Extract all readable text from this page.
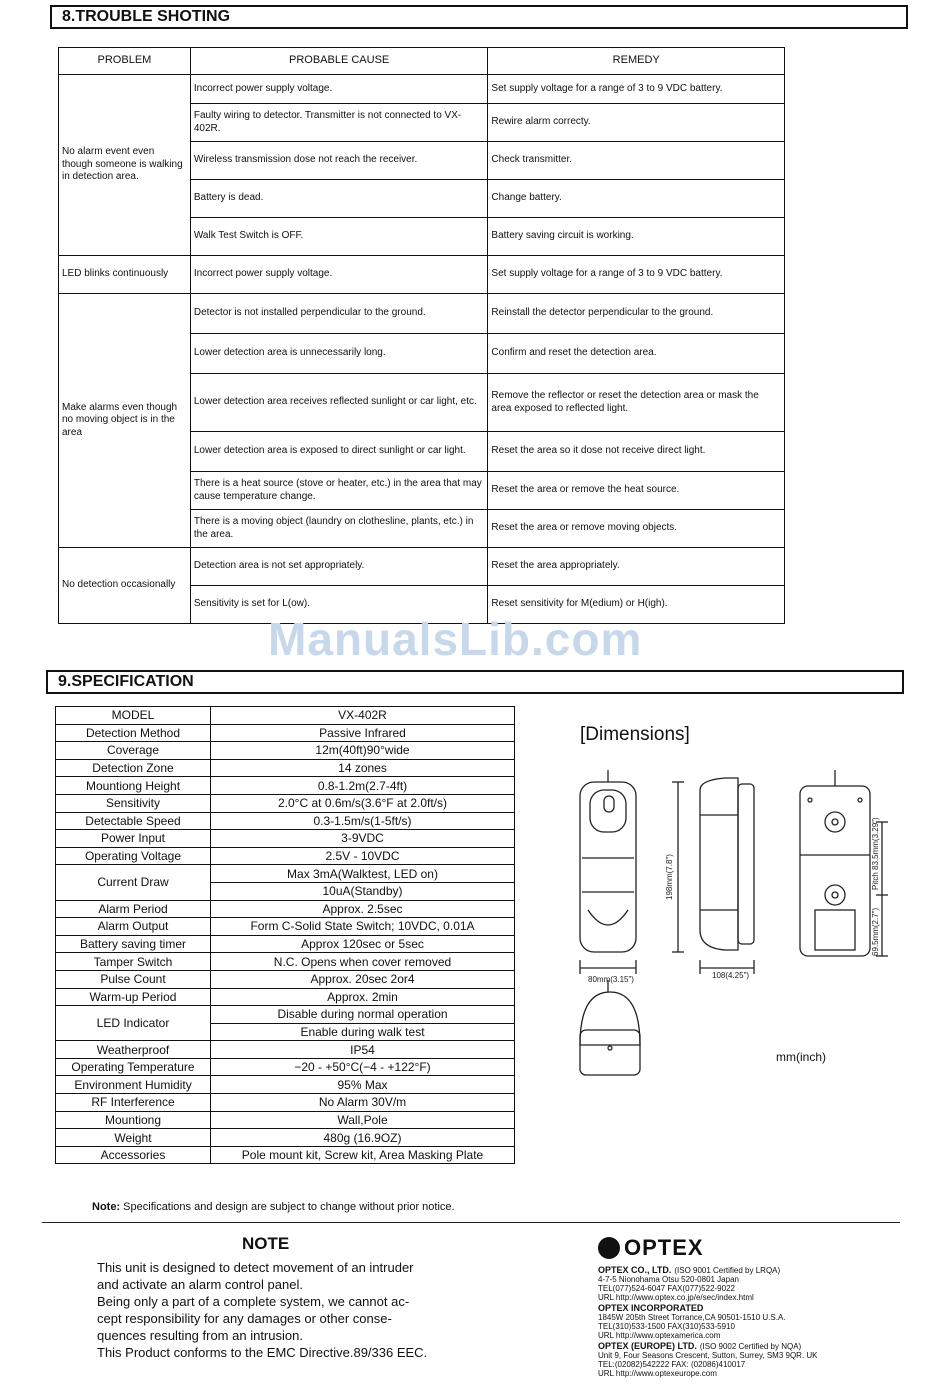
8.TROUBLE SHOTING
PROBLEM	PROBABLE CAUSE	REMEDY
No alarm event even though someone is walking in detection area.	Incorrect power supply voltage.	Set supply voltage for a range of 3 to 9 VDC battery.
	Faulty wiring to detector. Transmitter is not connected to VX-402R.	Rewire alarm correcty.
	Wireless transmission dose not reach the receiver.	Check transmitter.
	Battery is dead.	Change battery.
	Walk Test Switch is OFF.	Battery saving circuit is working.
LED blinks continuously	Incorrect power supply voltage.	Set supply voltage for a range of 3 to 9 VDC battery.
Make alarms even though no moving object is in the area	Detector is not installed perpendicular to the ground.	Reinstall the detector perpendicular to the ground.
	Lower detection area is unnecessarily long.	Confirm and reset the detection area.
	Lower detection area receives reflected sunlight or car light, etc.	Remove the reflector or reset the detection area or mask the area exposed to reflected light.
	Lower detection area is exposed to direct sunlight or car light.	Reset the area so it dose not receive direct light.
	There is a heat source (stove or heater, etc.) in the area that may cause temperature change.	Reset the area or remove the heat source.
	There is a moving object (laundry on clothesline, plants, etc.) in the area.	Reset the area or remove moving objects.
No detection occasionally	Detection area is not set appropriately.	Reset the area appropriately.
	Sensitivity is set for L(ow).	Reset sensitivity for M(edium) or H(igh).
ManualsLib.com
9.SPECIFICATION
MODEL	VX-402R
Detection Method	Passive Infrared
Coverage	12m(40ft)90°wide
Detection Zone	14 zones
Mountiong Height	0.8-1.2m(2.7-4ft)
Sensitivity	2.0°C at 0.6m/s(3.6°F at 2.0ft/s)
Detectable Speed	0.3-1.5m/s(1-5ft/s)
Power Input	3-9VDC
Operating Voltage	2.5V - 10VDC
Current Draw	Max 3mA(Walktest, LED on)
	10uA(Standby)
Alarm Period	Approx. 2.5sec
Alarm Output	Form C-Solid State Switch; 10VDC, 0.01A
Battery saving timer	Approx 120sec or 5sec
Tamper Switch	N.C. Opens when cover removed
Pulse Count	Approx. 20sec 2or4
Warm-up Period	Approx. 2min
LED Indicator	Disable during normal operation
	Enable during walk test
Weatherproof	IP54
Operating Temperature	−20 - +50°C(−4 - +122°F)
Environment Humidity	95% Max
RF Interference	No Alarm 30V/m
Mountiong	Wall,Pole
Weight	480g (16.9OZ)
Accessories	Pole mount kit, Screw kit, Area Masking Plate
Note: Specifications and design are subject to change without prior notice.
[Dimensions]
mm(inch)
80mm(3.15")	108(4.25")
198mm(7.8")	Pitch 83.5mm(3.29")
69.5mm(2.7")
NOTE
This unit is designed to detect movement of an intruder
and activate an alarm control panel.
Being only a part of a complete system, we cannot ac-
cept responsibility for any damages or other conse-
quences resulting from an intrusion.
This Product conforms to the EMC Directive.89/336 EEC.
OPTEX
OPTEX CO., LTD. (ISO 9001 Certified by LRQA)
4-7-5 Nionohama Otsu 520-0801 Japan
TEL(077)524-6047 FAX(077)522-9022
URL http://www.optex.co.jp/e/sec/index.html
OPTEX INCORPORATED
1845W 205th Street Torrance,CA 90501-1510 U.S.A.
TEL(310)533-1500 FAX(310)533-5910
URL http://www.optexamerica.com
OPTEX (EUROPE) LTD. (ISO 9002 Certified by NQA)
Unit 9, Four Seasons Crescent, Sutton, Surrey, SM3 9QR. UK
TEL:(02082)542222 FAX: (02086)410017
URL http://www.optexeurope.com
